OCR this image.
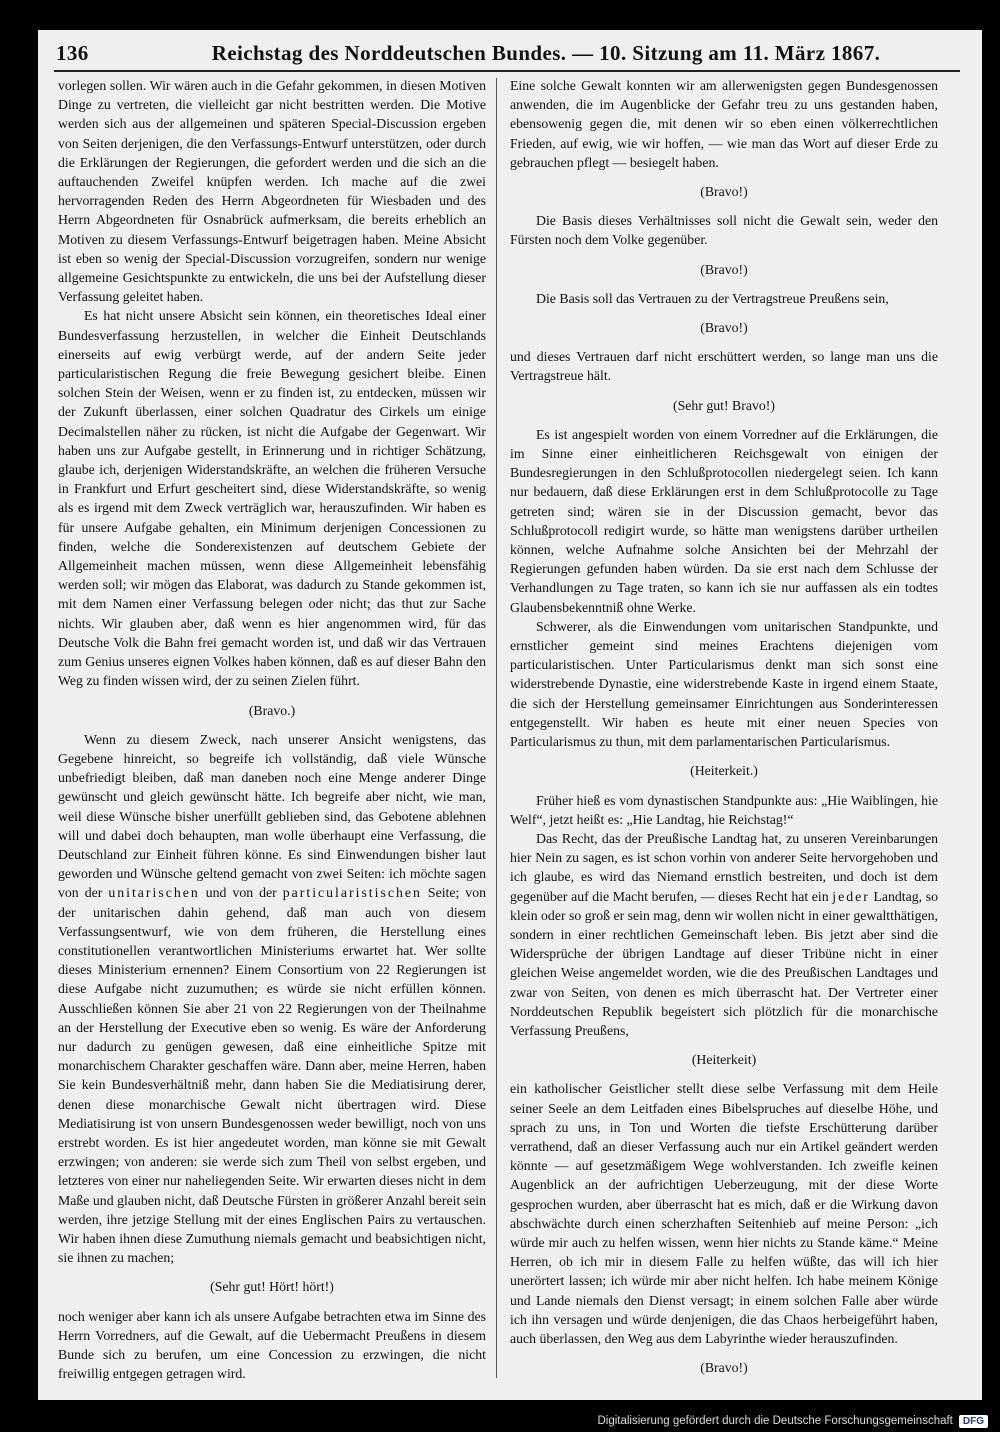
136	Reichstag des Norddeutschen Bundes. — 10. Sitzung am 11. März 1867.

vorlegen sollen. Wir wären auch in die Gefahr gekommen, in diesen Motiven Dinge zu vertreten, die vielleicht gar nicht bestritten werden. Die Motive werden sich aus der allgemeinen und späteren Special-Discussion ergeben von Seiten derjenigen, die den Verfassungs-Entwurf unterstützen, oder durch die Erklärungen der Regierungen, die gefordert werden und die sich an die auftauchenden Zweifel knüpfen werden. Ich mache auf die zwei hervorragenden Reden des Herrn Abgeordneten für Wiesbaden und des Herrn Abgeordneten für Osnabrück aufmerksam, die bereits erheblich an Motiven zu diesem Verfassungs-Entwurf beigetragen haben. Meine Absicht ist eben so wenig der Special-Discussion vorzugreifen, sondern nur wenige allgemeine Gesichtspunkte zu entwickeln, die uns bei der Aufstellung dieser Verfassung geleitet haben.

Es hat nicht unsere Absicht sein können, ein theoretisches Ideal einer Bundesverfassung herzustellen, in welcher die Einheit Deutschlands einerseits auf ewig verbürgt werde, auf der andern Seite jeder particularistischen Regung die freie Bewegung gesichert bleibe. Einen solchen Stein der Weisen, wenn er zu finden ist, zu entdecken, müssen wir der Zukunft überlassen, einer solchen Quadratur des Cirkels um einige Decimalstellen näher zu rücken, ist nicht die Aufgabe der Gegenwart. Wir haben uns zur Aufgabe gestellt, in Erinnerung und in richtiger Schätzung, glaube ich, derjenigen Widerstandskräfte, an welchen die früheren Versuche in Frankfurt und Erfurt gescheitert sind, diese Widerstandskräfte, so wenig als es irgend mit dem Zweck verträglich war, herauszufinden. Wir haben es für unsere Aufgabe gehalten, ein Minimum derjenigen Concessionen zu finden, welche die Sonderexistenzen auf deutschem Gebiete der Allgemeinheit machen müssen, wenn diese Allgemeinheit lebensfähig werden soll; wir mögen das Elaborat, was dadurch zu Stande gekommen ist, mit dem Namen einer Verfassung belegen oder nicht; das thut zur Sache nichts. Wir glauben aber, daß wenn es hier angenommen wird, für das Deutsche Volk die Bahn frei gemacht worden ist, und daß wir das Vertrauen zum Genius unseres eignen Volkes haben können, daß es auf dieser Bahn den Weg zu finden wissen wird, der zu seinen Zielen führt.

(Bravo.)

Wenn zu diesem Zweck, nach unserer Ansicht wenigstens, das Gegebene hinreicht, so begreife ich vollständig, daß viele Wünsche unbefriedigt bleiben, daß man daneben noch eine Menge anderer Dinge gewünscht und gleich gewünscht hätte. Ich begreife aber nicht, wie man, weil diese Wünsche bisher unerfüllt geblieben sind, das Gebotene ablehnen will und dabei doch behaupten, man wolle überhaupt eine Verfassung, die Deutschland zur Einheit führen könne. Es sind Einwendungen bisher laut geworden und Wünsche geltend gemacht von zwei Seiten: ich möchte sagen von der unitarischen und von der particularistischen Seite; von der unitarischen dahin gehend, daß man auch von diesem Verfassungsentwurf, wie von dem früheren, die Herstellung eines constitutionellen verantwortlichen Ministeriums erwartet hat. Wer sollte dieses Ministerium ernennen? Einem Consortium von 22 Regierungen ist diese Aufgabe nicht zuzumuthen; es würde sie nicht erfüllen können. Ausschließen können Sie aber 21 von 22 Regierungen von der Theilnahme an der Herstellung der Executive eben so wenig. Es wäre der Anforderung nur dadurch zu genügen gewesen, daß eine einheitliche Spitze mit monarchischem Charakter geschaffen wäre. Dann aber, meine Herren, haben Sie kein Bundesverhältniß mehr, dann haben Sie die Mediatisirung derer, denen diese monarchische Gewalt nicht übertragen wird. Diese Mediatisirung ist von unsern Bundesgenossen weder bewilligt, noch von uns erstrebt worden. Es ist hier angedeutet worden, man könne sie mit Gewalt erzwingen; von anderen: sie werde sich zum Theil von selbst ergeben, und letzteres von einer nur naheliegenden Seite. Wir erwarten dieses nicht in dem Maße und glauben nicht, daß Deutsche Fürsten in größerer Anzahl bereit sein werden, ihre jetzige Stellung mit der eines Englischen Pairs zu vertauschen. Wir haben ihnen diese Zumuthung niemals gemacht und beabsichtigen nicht, sie ihnen zu machen;

(Sehr gut! Hört! hört!)

noch weniger aber kann ich als unsere Aufgabe betrachten etwa im Sinne des Herrn Vorredners, auf die Gewalt, auf die Uebermacht Preußens in diesem Bunde sich zu berufen, um eine Concession zu erzwingen, die nicht freiwillig entgegen getragen wird.

Eine solche Gewalt konnten wir am allerwenigsten gegen Bundesgenossen anwenden, die im Augenblicke der Gefahr treu zu uns gestanden haben, ebensowenig gegen die, mit denen wir so eben einen völkerrechtlichen Frieden, auf ewig, wie wir hoffen, — wie man das Wort auf dieser Erde zu gebrauchen pflegt — besiegelt haben.

(Bravo!)

Die Basis dieses Verhältnisses soll nicht die Gewalt sein, weder den Fürsten noch dem Volke gegenüber.

(Bravo!)

Die Basis soll das Vertrauen zu der Vertragstreue Preußens sein,

(Bravo!)

und dieses Vertrauen darf nicht erschüttert werden, so lange man uns die Vertragstreue hält.

(Sehr gut! Bravo!)

Es ist angespielt worden von einem Vorredner auf die Erklärungen, die im Sinne einer einheitlicheren Reichsgewalt von einigen der Bundesregierungen in den Schlußprotocollen niedergelegt seien. Ich kann nur bedauern, daß diese Erklärungen erst in dem Schlußprotocolle zu Tage getreten sind; wären sie in der Discussion gemacht, bevor das Schlußprotocoll redigirt wurde, so hätte man wenigstens darüber urtheilen können, welche Aufnahme solche Ansichten bei der Mehrzahl der Regierungen gefunden haben würden. Da sie erst nach dem Schlusse der Verhandlungen zu Tage traten, so kann ich sie nur auffassen als ein todtes Glaubensbekenntniß ohne Werke.

Schwerer, als die Einwendungen vom unitarischen Standpunkte, und ernstlicher gemeint sind meines Erachtens diejenigen vom particularistischen. Unter Particularismus denkt man sich sonst eine widerstrebende Dynastie, eine widerstrebende Kaste in irgend einem Staate, die sich der Herstellung gemeinsamer Einrichtungen aus Sonderinteressen entgegenstellt. Wir haben es heute mit einer neuen Species von Particularismus zu thun, mit dem parlamentarischen Particularismus.

(Heiterkeit.)

Früher hieß es vom dynastischen Standpunkte aus: „Hie Waiblingen, hie Welf“, jetzt heißt es: „Hie Landtag, hie Reichstag!“

Das Recht, das der Preußische Landtag hat, zu unseren Vereinbarungen hier Nein zu sagen, es ist schon vorhin von anderer Seite hervorgehoben und ich glaube, es wird das Niemand ernstlich bestreiten, und doch ist dem gegenüber auf die Macht berufen, — dieses Recht hat ein jeder Landtag, so klein oder so groß er sein mag, denn wir wollen nicht in einer gewaltthätigen, sondern in einer rechtlichen Gemeinschaft leben. Bis jetzt aber sind die Widersprüche der übrigen Landtage auf dieser Tribüne nicht in einer gleichen Weise angemeldet worden, wie die des Preußischen Landtages und zwar von Seiten, von denen es mich überrascht hat. Der Vertreter einer Norddeutschen Republik begeistert sich plötzlich für die monarchische Verfassung Preußens,

(Heiterkeit)

ein katholischer Geistlicher stellt diese selbe Verfassung mit dem Heile seiner Seele an dem Leitfaden eines Bibelspruches auf dieselbe Höhe, und sprach zu uns, in Ton und Worten die tiefste Erschütterung darüber verrathend, daß an dieser Verfassung auch nur ein Artikel geändert werden könnte — auf gesetzmäßigem Wege wohlverstanden. Ich zweifle keinen Augenblick an der aufrichtigen Ueberzeugung, mit der diese Worte gesprochen wurden, aber überrascht hat es mich, daß er die Wirkung davon abschwächte durch einen scherzhaften Seitenhieb auf meine Person: „ich würde mir auch zu helfen wissen, wenn hier nichts zu Stande käme.“ Meine Herren, ob ich mir in diesem Falle zu helfen wüßte, das will ich hier unerörtert lassen; ich würde mir aber nicht helfen. Ich habe meinem Könige und Lande niemals den Dienst versagt; in einem solchen Falle aber würde ich ihn versagen und würde denjenigen, die das Chaos herbeigeführt haben, auch überlassen, den Weg aus dem Labyrinthe wieder herauszufinden.

(Bravo!)

Digitalisierung gefördert durch die Deutsche Forschungsgemeinschaft	DFG
